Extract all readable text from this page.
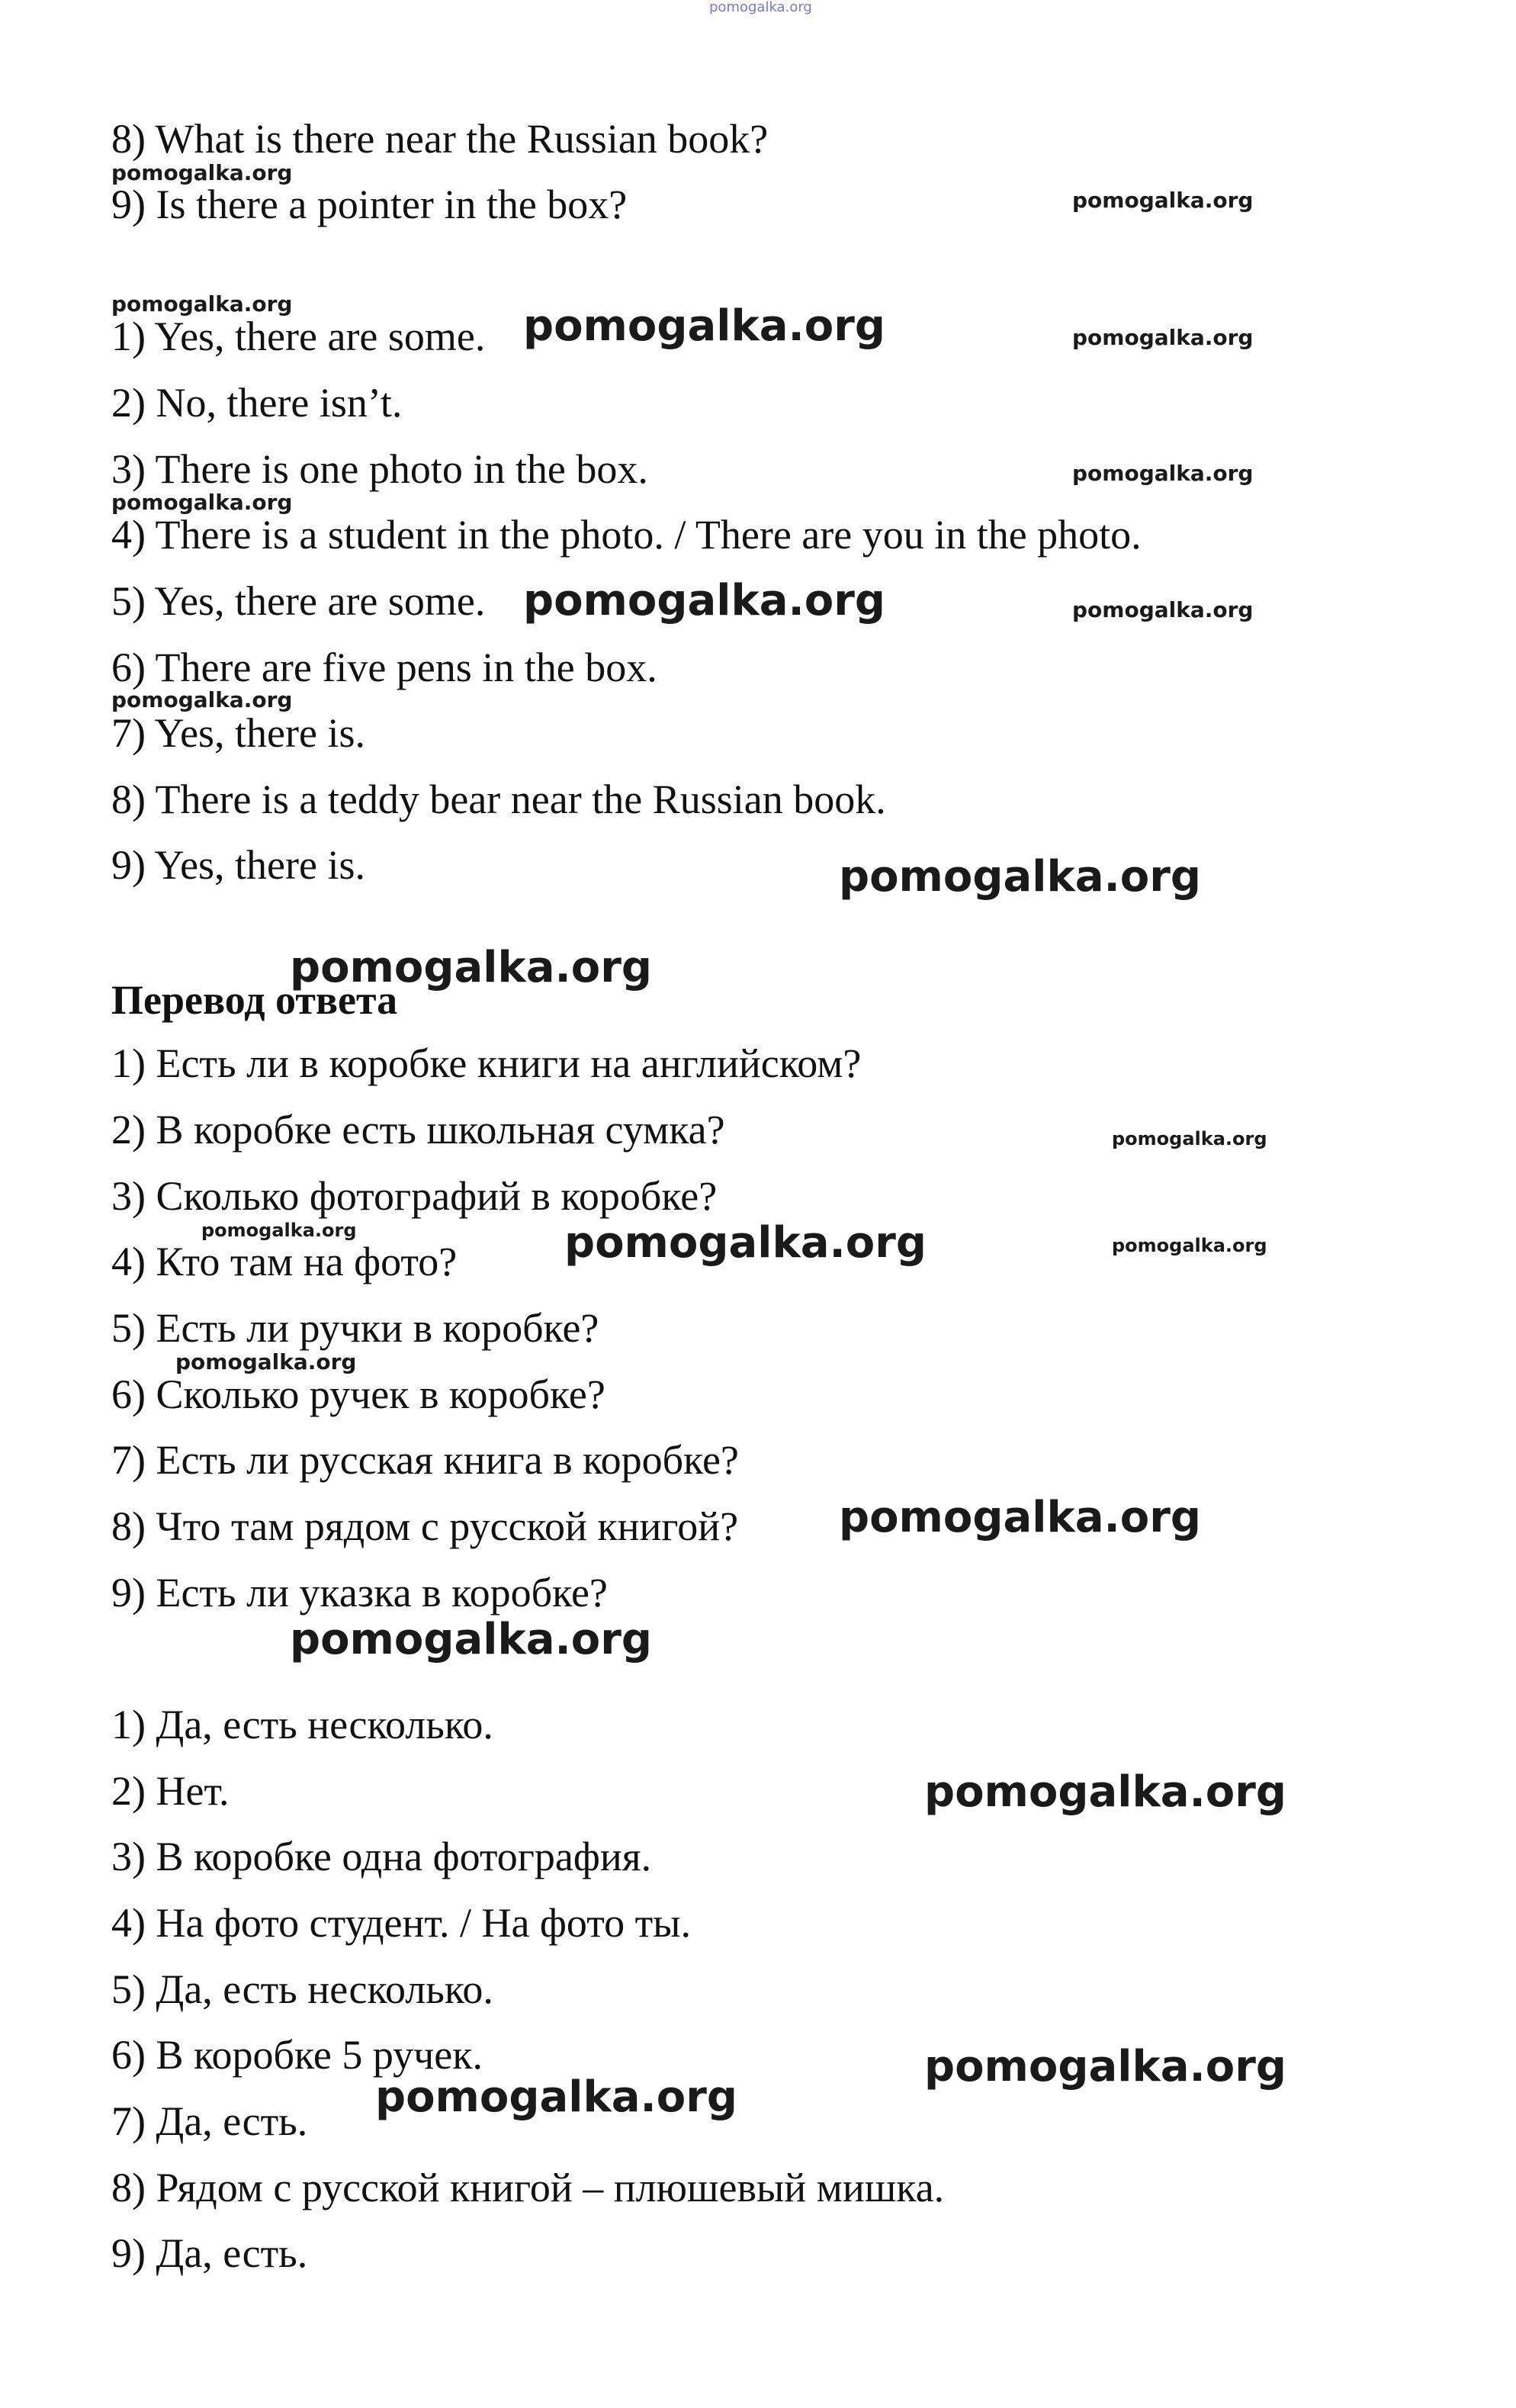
pomogalka.org
8) What is there near the Russian book?
9) Is there a pointer in the box?
1) Yes, there are some.
2) No, there isn’t.
3) There is one photo in the box.
4) There is a student in the photo. / There are you in the photo.
5) Yes, there are some.
6) There are five pens in the box.
7) Yes, there is.
8) There is a teddy bear near the Russian book.
9) Yes, there is.
Перевод ответа
1) Есть ли в коробке книги на английском?
2) В коробке есть школьная сумка?
3) Сколько фотографий в коробке?
4) Кто там на фото?
5) Есть ли ручки в коробке?
6) Сколько ручек в коробке?
7) Есть ли русская книга в коробке?
8) Что там рядом с русской книгой?
9) Есть ли указка в коробке?
1) Да, есть несколько.
2) Нет.
3) В коробке одна фотография.
4) На фото студент. / На фото ты.
5) Да, есть несколько.
6) В коробке 5 ручек.
7) Да, есть.
8) Рядом с русской книгой – плюшевый мишка.
9) Да, есть.
pomogalka.org
pomogalka.org
pomogalka.org
pomogalka.org
pomogalka.org
pomogalka.org
pomogalka.org
pomogalka.org
pomogalka.org
pomogalka.org
pomogalka.org
pomogalka.org
pomogalka.org
pomogalka.org
pomogalka.org
pomogalka.org
pomogalka.org
pomogalka.org
pomogalka.org
pomogalka.org
pomogalka.org
pomogalka.org
